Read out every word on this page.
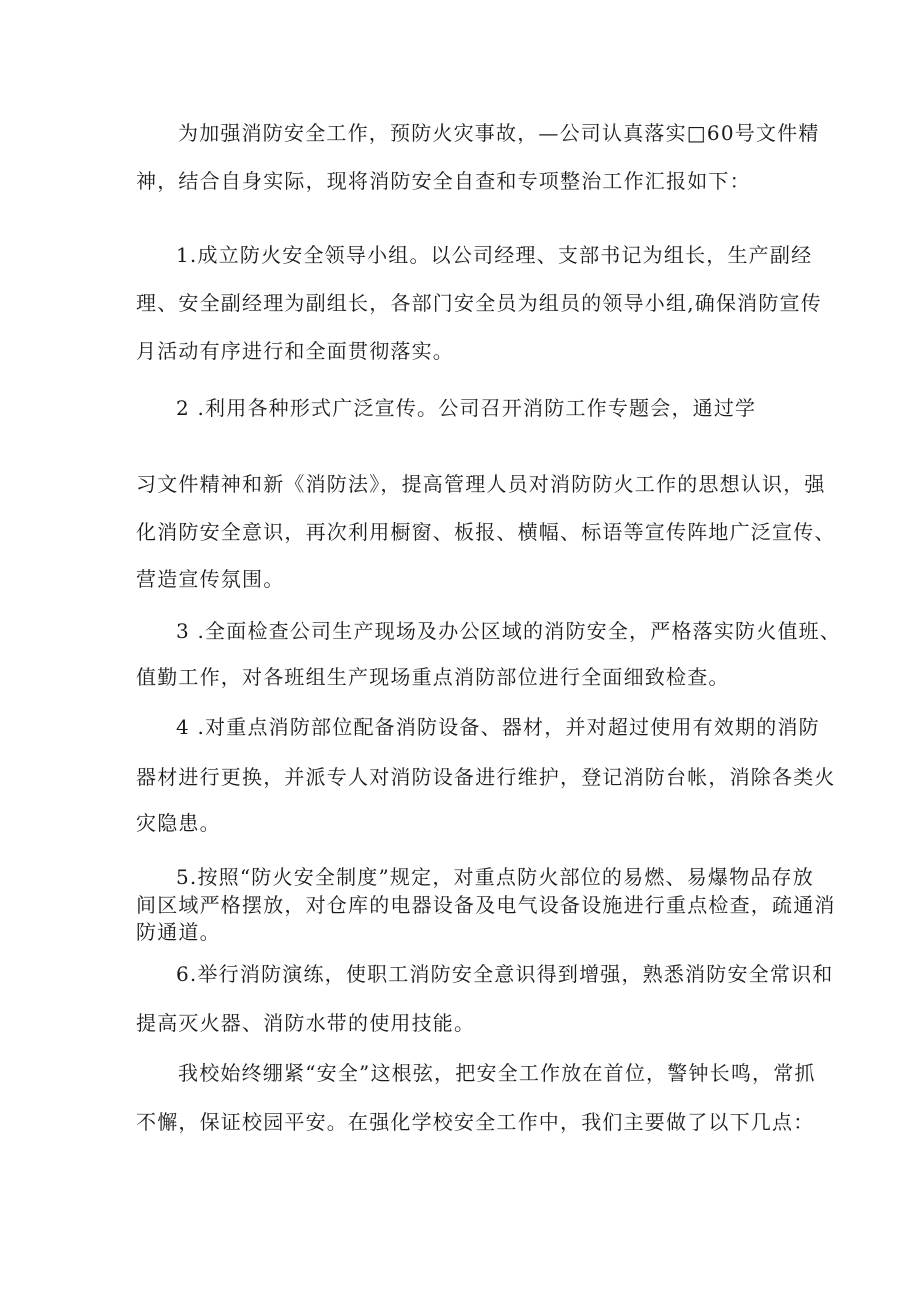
为加强消防安全工作，预防火灾事故，—公司认真落实□60号文件精
神，结合自身实际，现将消防安全自查和专项整治工作汇报如下：
1.成立防火安全领导小组。以公司经理、支部书记为组长，生产副经
理、安全副经理为副组长，各部门安全员为组员的领导小组,确保消防宣传
月活动有序进行和全面贯彻落实。
2 .利用各种形式广泛宣传。公司召开消防工作专题会，通过学
习文件精神和新《消防法》，提高管理人员对消防防火工作的思想认识，强
化消防安全意识，再次利用橱窗、板报、横幅、标语等宣传阵地广泛宣传、
营造宣传氛围。
3 .全面检查公司生产现场及办公区域的消防安全，严格落实防火值班、
值勤工作，对各班组生产现场重点消防部位进行全面细致检查。
4 .对重点消防部位配备消防设备、器材，并对超过使用有效期的消防
器材进行更换，并派专人对消防设备进行维护，登记消防台帐，消除各类火
灾隐患。
5.按照“防火安全制度”规定，对重点防火部位的易燃、易爆物品存放
间区域严格摆放，对仓库的电器设备及电气设备设施进行重点检查，疏通消
防通道。
6.举行消防演练，使职工消防安全意识得到增强，熟悉消防安全常识和
提高灭火器、消防水带的使用技能。
我校始终绷紧“安全”这根弦，把安全工作放在首位，警钟长鸣，常抓
不懈，保证校园平安。在强化学校安全工作中，我们主要做了以下几点：
